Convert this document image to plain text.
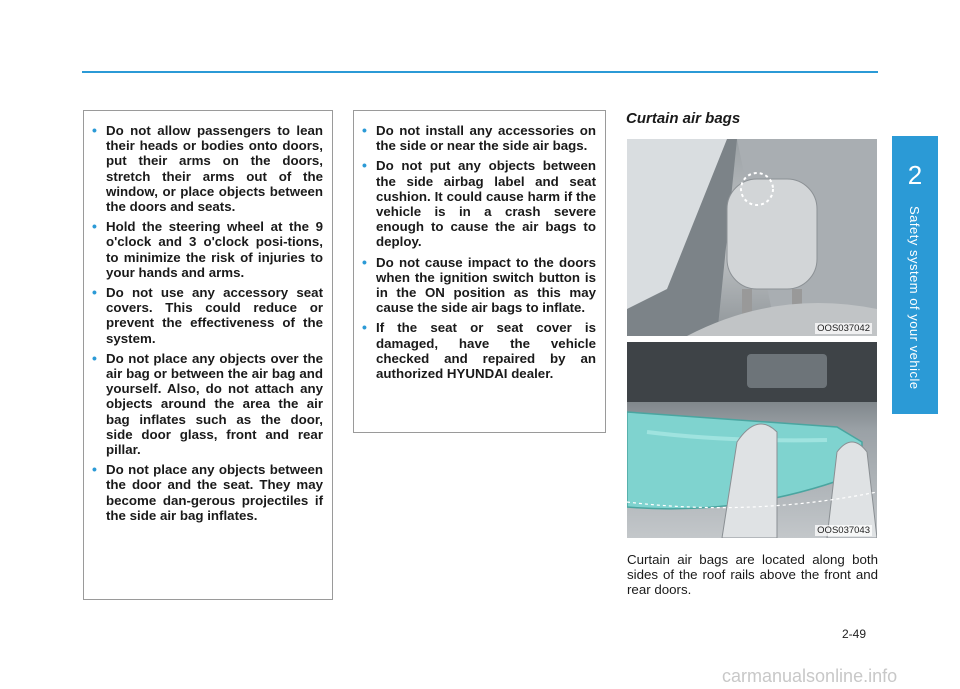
2
Safety system of your vehicle
• Do not allow passengers to lean their heads or bodies onto doors, put their arms on the doors, stretch their arms out of the window, or place objects between the doors and seats.
• Hold the steering wheel at the 9 o'clock and 3 o'clock posi-tions, to minimize the risk of injuries to your hands and arms.
• Do not use any accessory seat covers. This could reduce or prevent the effectiveness of the system.
• Do not place any objects over the air bag or between the air bag and yourself. Also, do not attach any objects around the area the air bag inflates such as the door, side door glass, front and rear pillar.
• Do not place any objects between the door and the seat. They may become dan-gerous projectiles if the side air bag inflates.
• Do not install any accessories on the side or near the side air bags.
• Do not put any objects between the side airbag label and seat cushion. It could cause harm if the vehicle is in a crash severe enough to cause the air bags to deploy.
• Do not cause impact to the doors when the ignition switch button is in the ON position as this may cause the side air bags to inflate.
• If the seat or seat cover is damaged, have the vehicle checked and repaired by an authorized HYUNDAI dealer.
Curtain air bags
OOS037042
OOS037043
Curtain air bags are located along both sides of the roof rails above the front and rear doors.
2-49
carmanualsonline.info
